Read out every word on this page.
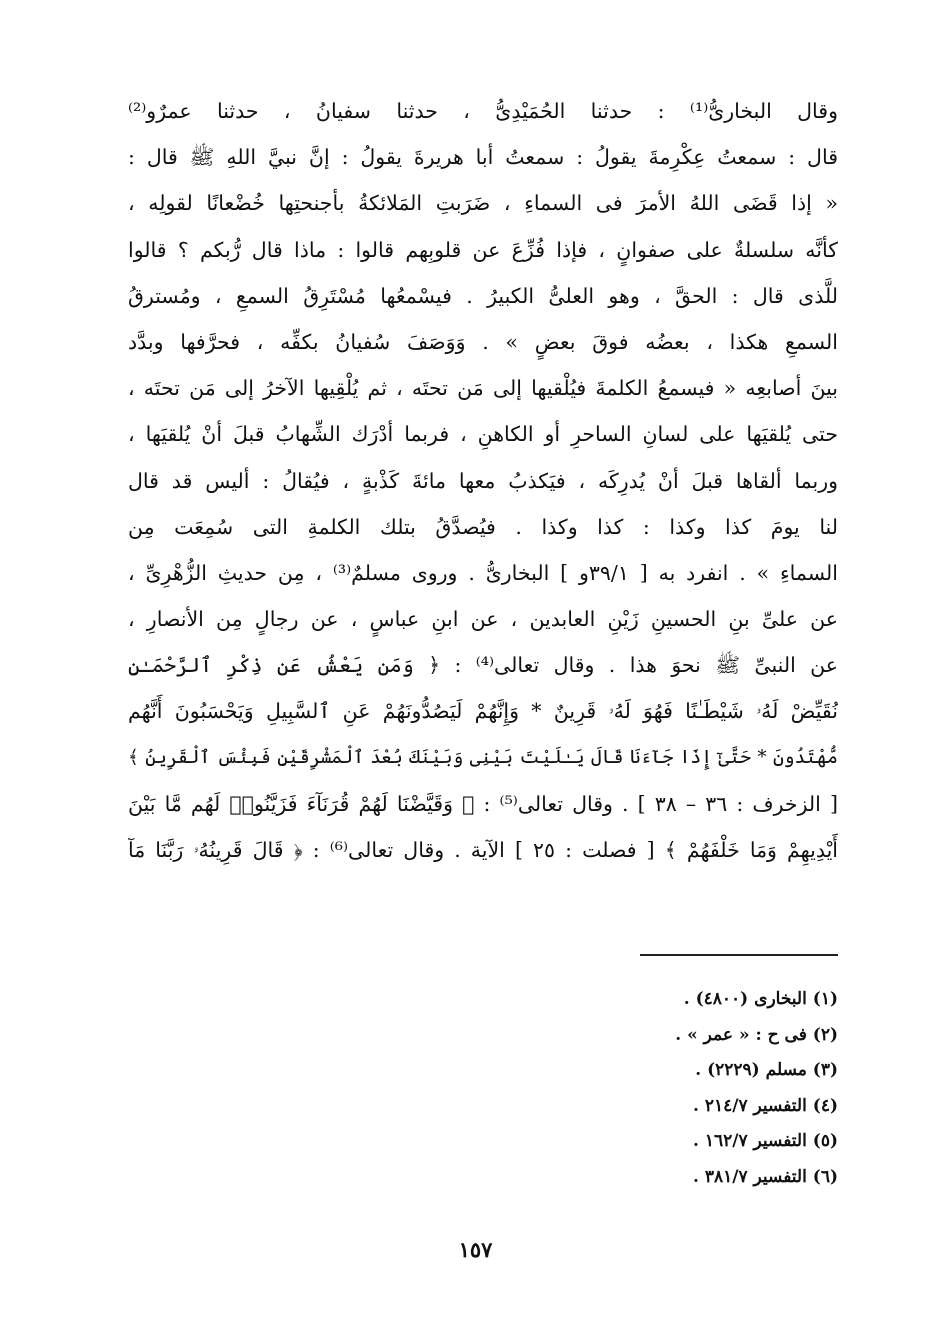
وقال البخارىُّ⁽¹⁾ : حدثنا الحُمَيْدِىُّ ، حدثنا سفيانُ ، حدثنا عمرٌو⁽²⁾
قال : سمعتُ عِكْرِمةَ يقولُ : سمعتُ أبا هريرةَ يقولُ : إنَّ نبيَّ اللهِ ﷺ قال :
« إذا قَضَى اللهُ الأمرَ فى السماءِ ، ضَرَبتِ المَلائكةُ بأجنحتِها خُضْعانًا لقولِه ،
كأنَّه سلسلةٌ على صفوانٍ ، فإذا فُزِّعَ عن قلوبِهم قالوا : ماذا قال رُّبكم ؟ قالوا
للَّذى قال : الحقَّ ، وهو العلىُّ الكبيرُ . فيسْمعُها مُسْتَرِقُ السمعِ ، ومُسترقُ
السمعِ هكذا ، بعضُه فوقَ بعضٍ » . وَوَصَفَ سُفيانُ بكفِّه ، فحرَّفها وبدَّد
بينَ أصابعِه « فيسمعُ الكلمةَ فيُلْقيها إلى مَن تحتَه ، ثم يُلْقِيها الآخرُ إلى مَن تحتَه ،
حتى يُلقيَها على لسانِ الساحرِ أو الكاهنِ ، فربما أدْرَك الشِّهابُ قبلَ أنْ يُلقيَها ،
وربما ألقاها قبلَ أنْ يُدرِكَه ، فيَكذبُ معها مائةَ كَذْبةٍ ، فيُقالُ : أليس قد قال
لنا يومَ كذا وكذا : كذا وكذا . فيُصدَّقُ بتلك الكلمةِ التى سُمِعَت مِن
السماءِ » . انفرد به [ ٣٩/١و ] البخارىُّ . وروى مسلمٌ⁽³⁾ ، مِن حديثِ الزُّهْرِىِّ ،
عن علىِّ بنِ الحسينِ زَيْنِ العابدين ، عن ابنِ عباسٍ ، عن رجالٍ مِن الأنصارِ ،
عن النبىِّ ﷺ نحوَ هذا . وقال تعالى⁽⁴⁾ : ﴿ وَمَن يَعْشُ عَن ذِكْرِ ٱلرَّحْمَـٰنِ
نُقَيِّضْ لَهُۥ شَيْطَـٰنًا فَهُوَ لَهُۥ قَرِينٌ * وَإِنَّهُمْ لَيَصُدُّونَهُمْ عَنِ ٱلسَّبِيلِ وَيَحْسَبُونَ أَنَّهُم
مُّهْتَدُونَ * حَتَّىٰٓ إِذَا جَآءَنَا قَالَ يَـٰلَيْتَ بَيْنِى وَبَيْنَكَ بُعْدَ ٱلْمَشْرِقَيْنِ فَبِئْسَ ٱلْقَرِينُ ﴾
[ الزخرف : ٣٦ – ٣٨ ] . وقال تعالى⁽⁵⁾ : ﴿ وَقَيَّضْنَا لَهُمْ قُرَنَآءَ فَزَيَّنُوا۟ لَهُم مَّا بَيْنَ
أَيْدِيهِمْ وَمَا خَلْفَهُمْ ﴾ [ فصلت : ٢٥ ] الآية . وقال تعالى⁽⁶⁾ : ﴿ قَالَ قَرِينُهُۥ رَبَّنَا مَآ
(١) البخارى (٤٨٠٠) .
(٢) فى ح : « عمر » .
(٣) مسلم (٢٢٢٩) .
(٤) التفسير ٢١٤/٧ .
(٥) التفسير ١٦٢/٧ .
(٦) التفسير ٣٨١/٧ .
١٥٧
